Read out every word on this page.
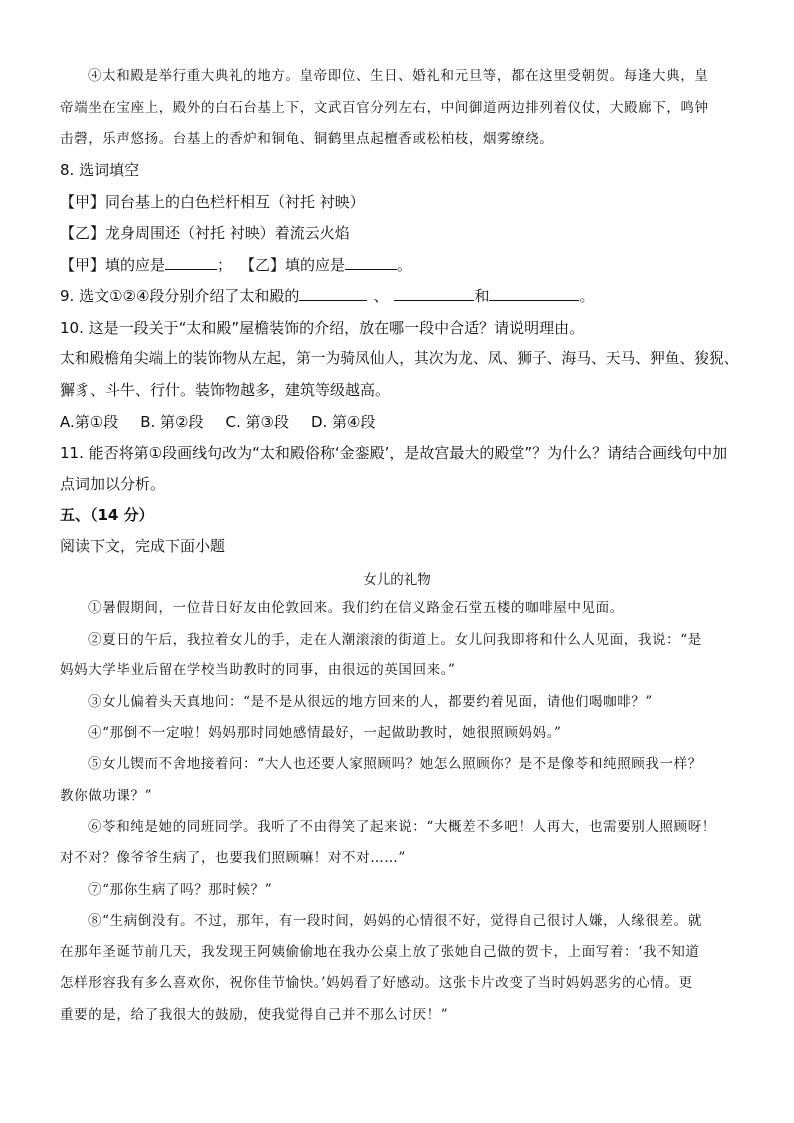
④太和殿是举行重大典礼的地方。皇帝即位、生日、婚礼和元旦等，都在这里受朝贺。每逢大典，皇
帝端坐在宝座上，殿外的白石台基上下，文武百官分列左右，中间御道两边排列着仪仗，大殿廊下，鸣钟
击磬，乐声悠扬。台基上的香炉和铜龟、铜鹤里点起檀香或松柏枝，烟雾缭绕。
8. 选词填空
【甲】同台基上的白色栏杆相互（衬托 衬映）
【乙】龙身周围还（衬托 衬映）着流云火焰
【甲】填的应是	； 【乙】填的应是	。
9. 选文①②④段分别介绍了太和殿的	、	和	。
10. 这是一段关于“太和殿”屋檐装饰的介绍，放在哪一段中合适？请说明理由。
太和殿檐角尖端上的装饰物从左起，第一为骑凤仙人，其次为龙、凤、狮子、海马、天马、狎鱼、狻猊、
獬豸、斗牛、行什。装饰物越多，建筑等级越高。
A.第①段 B. 第②段 C. 第③段 D. 第④段
11. 能否将第①段画线句改为“太和殿俗称‘金銮殿’，是故宫最大的殿堂”？为什么？请结合画线句中加
点词加以分析。
五、（14 分）
阅读下文，完成下面小题
女儿的礼物
①暑假期间，一位昔日好友由伦敦回来。我们约在信义路金石堂五楼的咖啡屋中见面。
②夏日的午后，我拉着女儿的手，走在人潮滚滚的街道上。女儿问我即将和什么人见面，我说：“是
妈妈大学毕业后留在学校当助教时的同事，由很远的英国回来。”
③女儿偏着头天真地问：“是不是从很远的地方回来的人，都要约着见面，请他们喝咖啡？”
④“那倒不一定啦！妈妈那时同她感情最好，一起做助教时，她很照顾妈妈。”
⑤女儿锲而不舍地接着问：“大人也还要人家照顾吗？她怎么照顾你？是不是像苓和纯照顾我一样？
教你做功课？”
⑥苓和纯是她的同班同学。我听了不由得笑了起来说：“大概差不多吧！人再大，也需要别人照顾呀！
对不对？像爷爷生病了，也要我们照顾嘛！对不对……”
⑦“那你生病了吗？那时候？”
⑧“生病倒没有。不过，那年，有一段时间，妈妈的心情很不好，觉得自己很讨人嫌，人缘很差。就
在那年圣诞节前几天，我发现王阿姨偷偷地在我办公桌上放了张她自己做的贺卡，上面写着：‘我不知道
怎样形容我有多么喜欢你，祝你佳节愉快。’妈妈看了好感动。这张卡片改变了当时妈妈恶劣的心情。更
重要的是，给了我很大的鼓励，使我觉得自己并不那么讨厌！”
